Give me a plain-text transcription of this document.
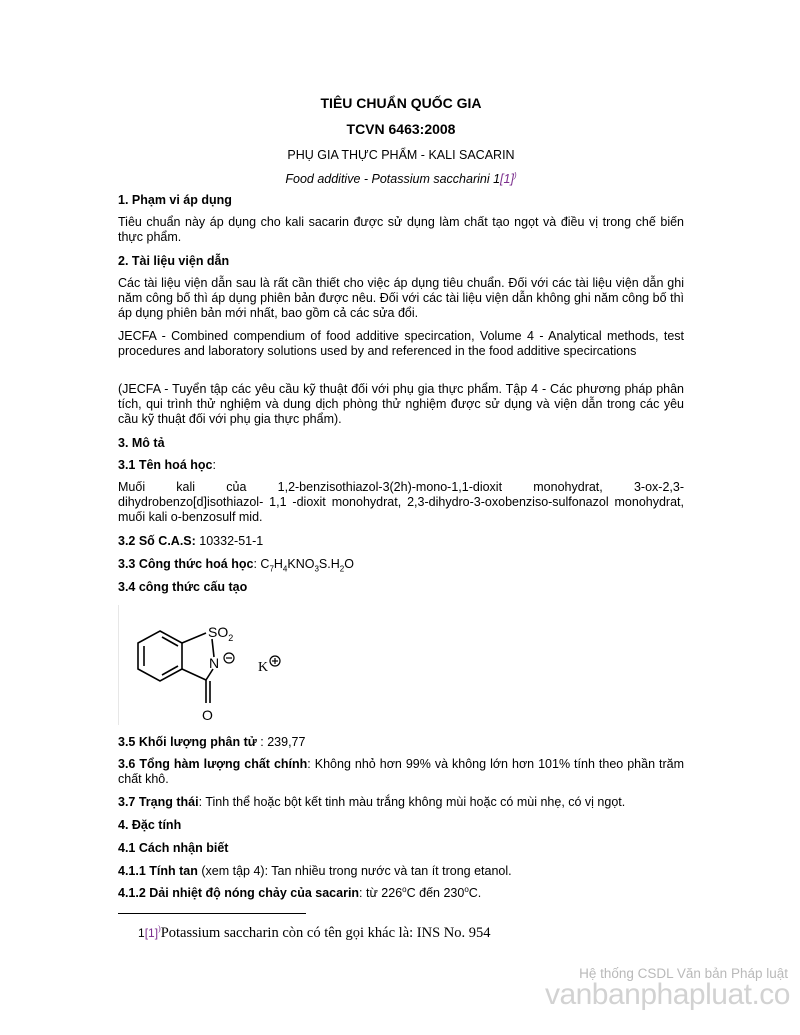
TIÊU CHUẨN QUỐC GIA
TCVN 6463:2008
PHỤ GIA THỰC PHẨM - KALI SACARIN
Food additive - Potassium saccharini 1[1])
1. Phạm vi áp dụng
Tiêu chuẩn này áp dụng cho kali sacarin được sử dụng làm chất tạo ngọt và điều vị trong chế biến thực phẩm.
2. Tài liệu viện dẫn
Các tài liệu viện dẫn sau là rất cần thiết cho việc áp dụng tiêu chuẩn. Đối với các tài liệu viện dẫn ghi năm công bố thì áp dụng phiên bản được nêu. Đối với các tài liệu viện dẫn không ghi năm công bố thì áp dụng phiên bản mới nhất, bao gồm cả các sửa đổi.
JECFA - Combined compendium of food additive specircation, Volume 4 - Analytical methods, test procedures and laboratory solutions used by and referenced in the food additive specircations
(JECFA - Tuyển tập các yêu cầu kỹ thuật đối với phụ gia thực phẩm. Tập 4 - Các phương pháp phân tích, qui trình thử nghiệm và dung dịch phòng thử nghiệm được sử dụng và viện dẫn trong các yêu cầu kỹ thuật đối với phụ gia thực phẩm).
3. Mô tả
3.1 Tên hoá học:
Muối kali của 1,2-benzisothiazol-3(2h)-mono-1,1-dioxit monohydrat, 3-ox-2,3-dihydrobenzo[d]isothiazol- 1,1 -dioxit monohydrat, 2,3-dihydro-3-oxobenziso-sulfonazol monohydrat, muối kali o-benzosulf mid.
3.2 Số C.A.S: 10332-51-1
3.3 Công thức hoá học: $C_7H_4KNO_3S.H_2O$
3.4 công thức cấu tạo
$SO_2$
N	K
O
3.5 Khối lượng phân tử : 239,77
3.6 Tổng hàm lượng chất chính: Không nhỏ hơn 99% và không lớn hơn 101% tính theo phần trăm chất khô.
3.7 Trạng thái: Tinh thể hoặc bột kết tinh màu trắng không mùi hoặc có mùi nhẹ, có vị ngọt.
4. Đặc tính
4.1 Cách nhận biết
4.1.1 Tính tan (xem tập 4): Tan nhiều trong nước và tan ít trong etanol.
4.1.2 Dải nhiệt độ nóng chảy của sacarin: từ 226$^o$C đến 230$^o$C.
1[1])Potassium saccharin còn có tên gọi khác là: INS No. 954
Hệ thống CSDL Văn bản Pháp luật
vanbanphapluat.co
